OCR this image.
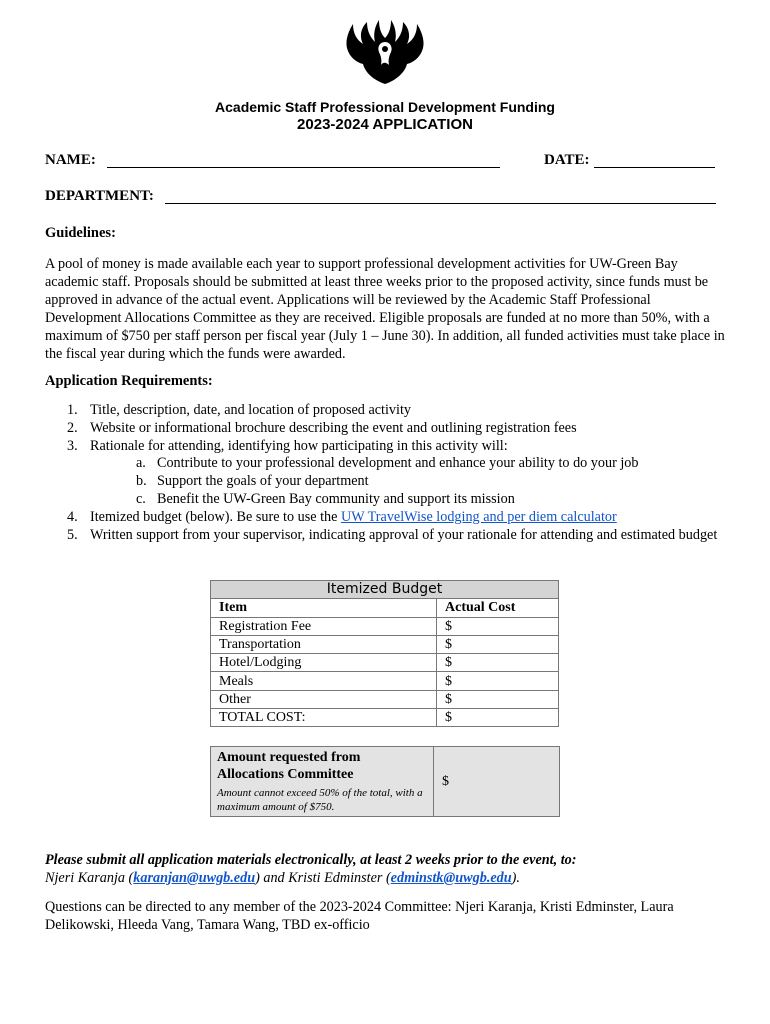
Academic Staff Professional Development Funding
2023-2024 APPLICATION
NAME:	DATE:
DEPARTMENT:
Guidelines:
A pool of money is made available each year to support professional development activities for UW-Green Bay academic staff. Proposals should be submitted at least three weeks prior to the proposed activity, since funds must be approved in advance of the actual event. Applications will be reviewed by the Academic Staff Professional Development Allocations Committee as they are received. Eligible proposals are funded at no more than 50%, with a maximum of $750 per staff person per fiscal year (July 1 – June 30). In addition, all funded activities must take place in the fiscal year during which the funds were awarded.
Application Requirements:
1. Title, description, date, and location of proposed activity
2. Website or informational brochure describing the event and outlining registration fees
3. Rationale for attending, identifying how participating in this activity will:
a. Contribute to your professional development and enhance your ability to do your job
b. Support the goals of your department
c. Benefit the UW-Green Bay community and support its mission
4. Itemized budget (below). Be sure to use the UW TravelWise lodging and per diem calculator
5. Written support from your supervisor, indicating approval of your rationale for attending and estimated budget
Itemized Budget	
Item	Actual Cost
Registration Fee	$
Transportation	$
Hotel/Lodging	$
Meals	$
Other	$
TOTAL COST:	$
Amount requested from Allocations Committee
Amount cannot exceed 50% of the total, with a maximum amount of $750.
	$
Please submit all application materials electronically, at least 2 weeks prior to the event, to:
Njeri Karanja (karanjan@uwgb.edu) and Kristi Edminster (edminstk@uwgb.edu).
Questions can be directed to any member of the 2023-2024 Committee: Njeri Karanja, Kristi Edminster, Laura Delikowski, Hleeda Vang, Tamara Wang, TBD ex-officio
